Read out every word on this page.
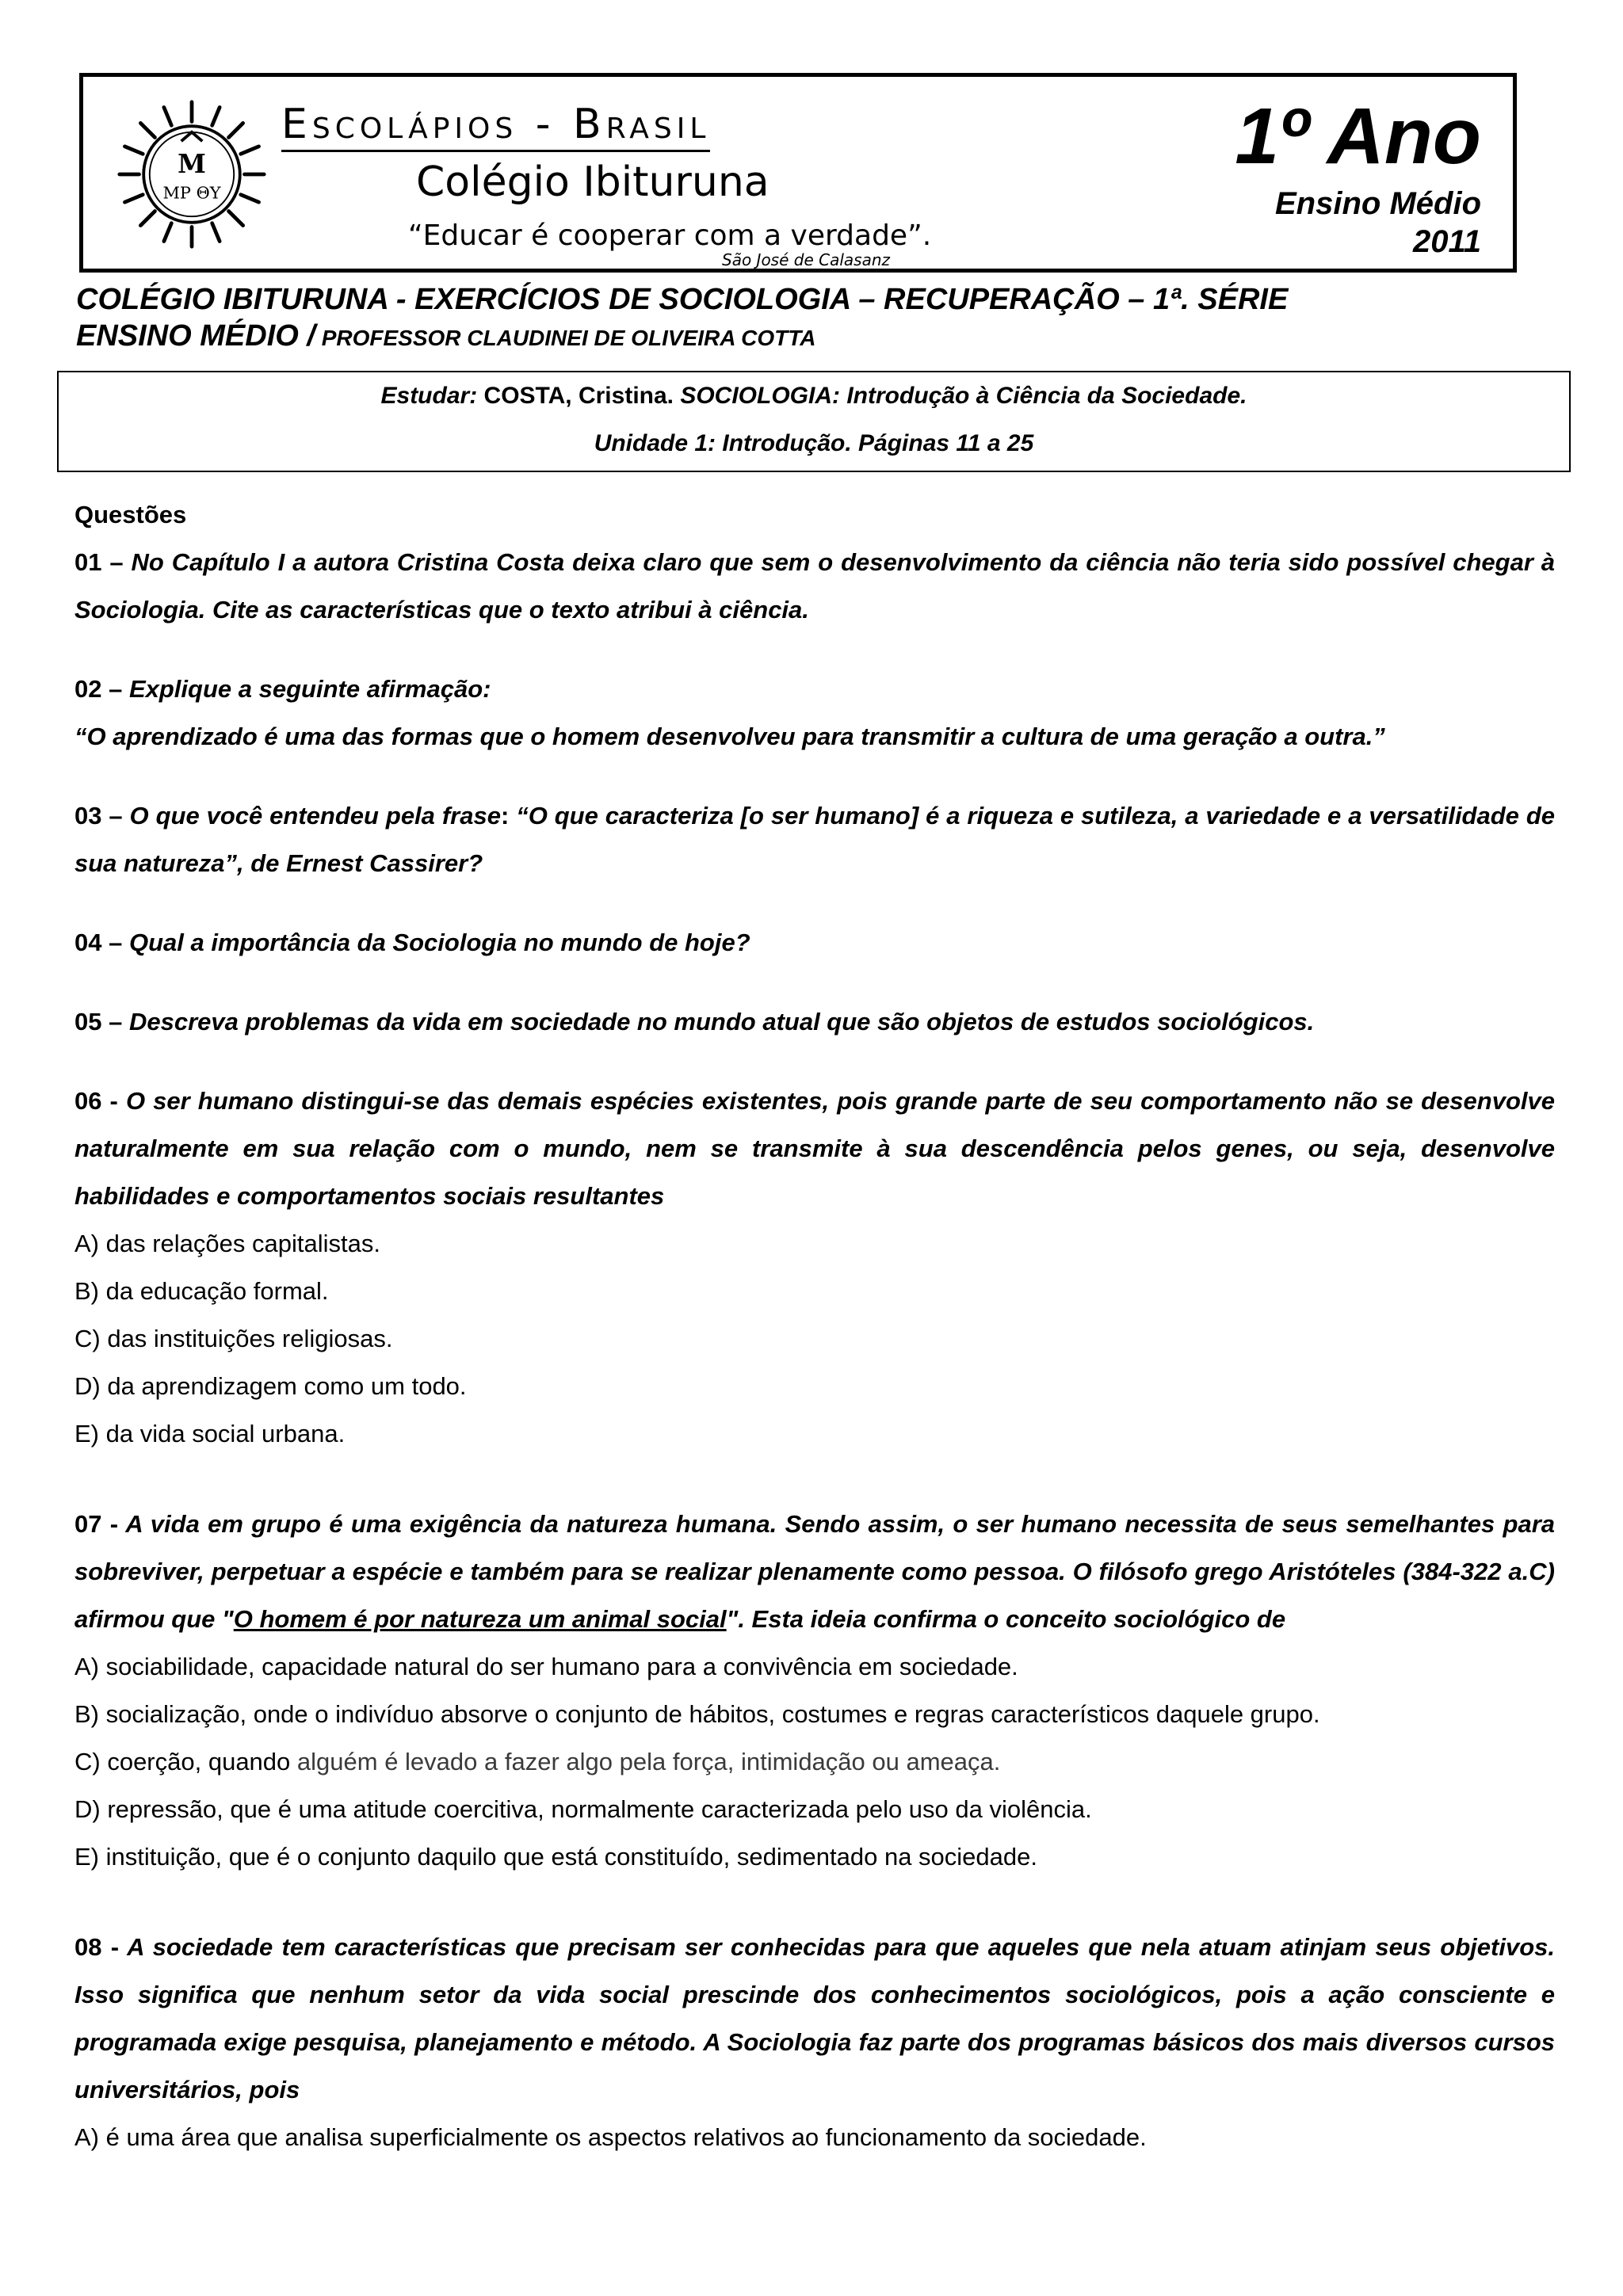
M
MP ΘY
Escolápios - Brasil
Colégio Ibituruna
“Educar é cooperar com a verdade”.
São José de Calasanz
1º Ano
Ensino Médio
2011
COLÉGIO IBITURUNA - EXERCÍCIOS DE SOCIOLOGIA – RECUPERAÇÃO – 1ª. SÉRIE
ENSINO MÉDIO / PROFESSOR CLAUDINEI DE OLIVEIRA COTTA
Estudar: COSTA, Cristina. SOCIOLOGIA: Introdução à Ciência da Sociedade.
Unidade 1: Introdução. Páginas 11 a 25
Questões

01 – No Capítulo I a autora Cristina Costa deixa claro que sem o desenvolvimento da ciência não teria sido possível chegar à Sociologia. Cite as características que o texto atribui à ciência.

02 – Explique a seguinte afirmação:

“O aprendizado é uma das formas que o homem desenvolveu para transmitir a cultura de uma geração a outra.”

03 – O que você entendeu pela frase: “O que caracteriza [o ser humano] é a riqueza e sutileza, a variedade e a versatilidade de sua natureza”, de Ernest Cassirer?

04 – Qual a importância da Sociologia no mundo de hoje?

05 – Descreva problemas da vida em sociedade no mundo atual que são objetos de estudos sociológicos.

06 - O ser humano distingui-se das demais espécies existentes, pois grande parte de seu comportamento não se desenvolve naturalmente em sua relação com o mundo, nem se transmite à sua descendência pelos genes, ou seja, desenvolve habilidades e comportamentos sociais resultantes

A) das relações capitalistas.

B) da educação formal.

C) das instituições religiosas.

D) da aprendizagem como um todo.

E) da vida social urbana.

07 - A vida em grupo é uma exigência da natureza humana. Sendo assim, o ser humano necessita de seus semelhantes para sobreviver, perpetuar a espécie e também para se realizar plenamente como pessoa. O filósofo grego Aristóteles (384-322 a.C) afirmou que "O homem é por natureza um animal social". Esta ideia confirma o conceito sociológico de

A) sociabilidade, capacidade natural do ser humano para a convivência em sociedade.

B) socialização, onde o indivíduo absorve o conjunto de hábitos, costumes e regras característicos daquele grupo.

C) coerção, quando alguém é levado a fazer algo pela força, intimidação ou ameaça.

D) repressão, que é uma atitude coercitiva, normalmente caracterizada pelo uso da violência.

E) instituição, que é o conjunto daquilo que está constituído, sedimentado na sociedade.

08 - A sociedade tem características que precisam ser conhecidas para que aqueles que nela atuam atinjam seus objetivos. Isso significa que nenhum setor da vida social prescinde dos conhecimentos sociológicos, pois a ação consciente e programada exige pesquisa, planejamento e método. A Sociologia faz parte dos programas básicos dos mais diversos cursos universitários, pois

A) é uma área que analisa superficialmente os aspectos relativos ao funcionamento da sociedade.
